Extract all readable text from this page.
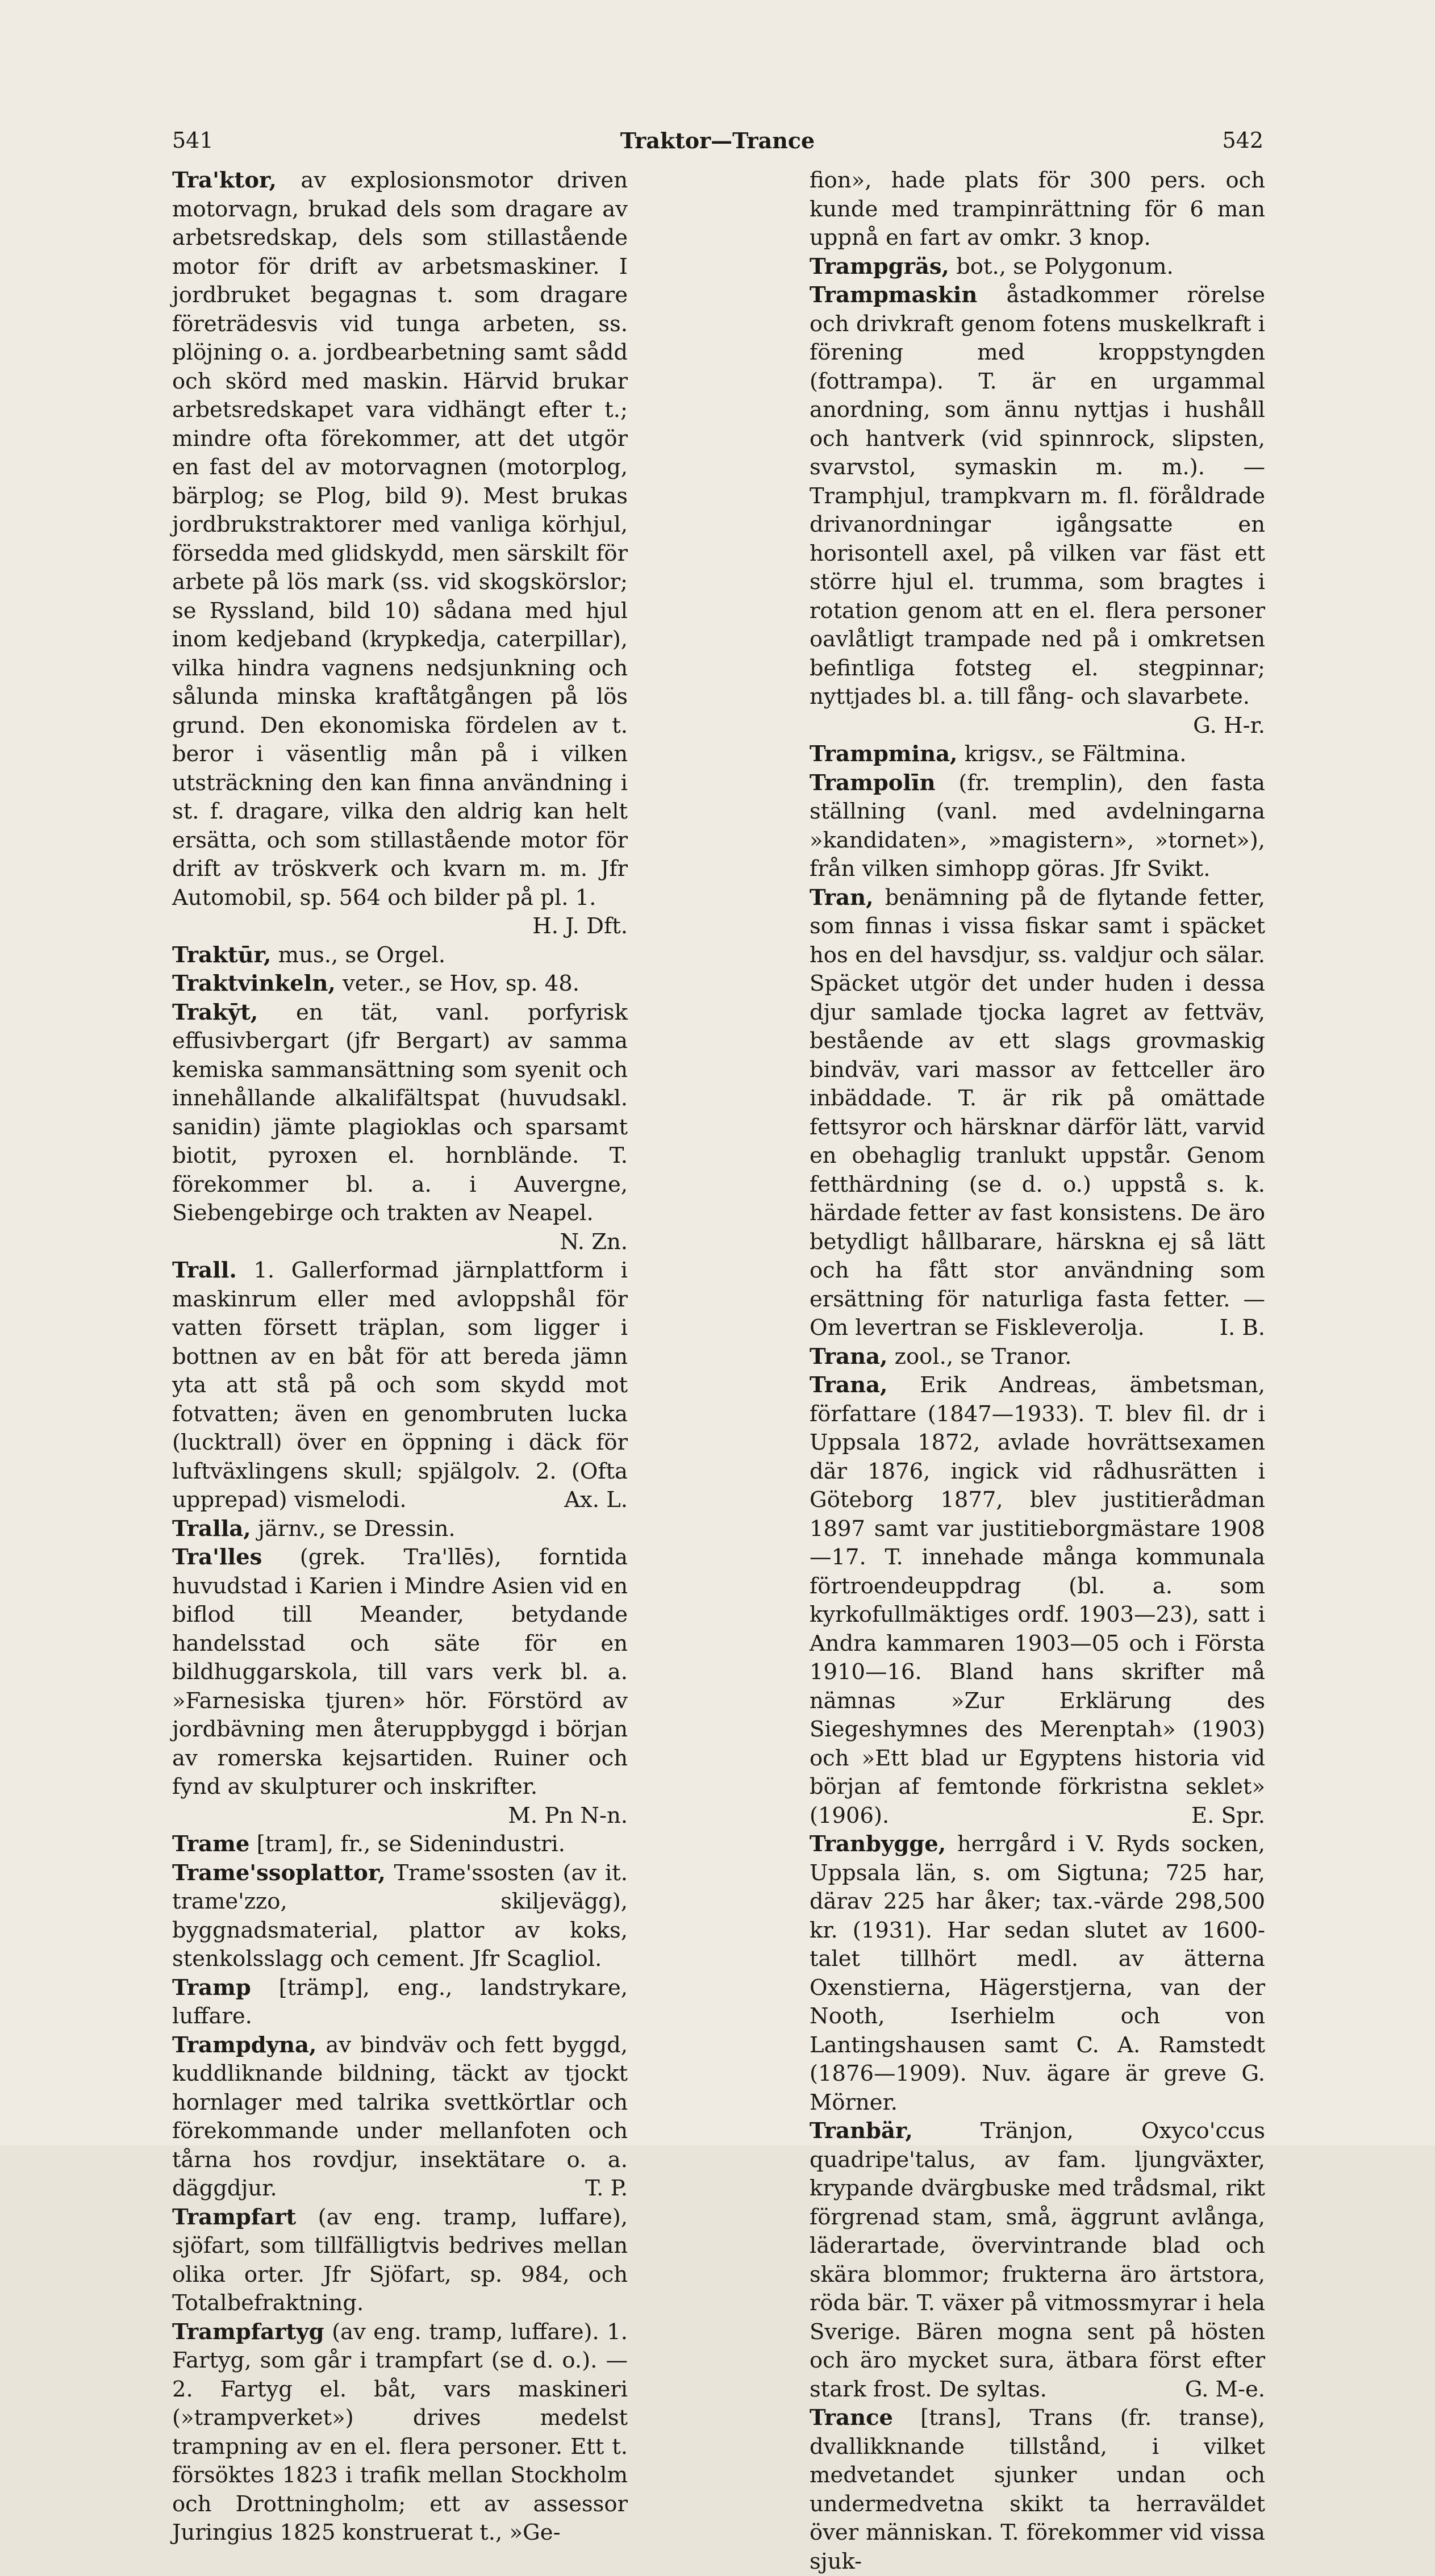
541	Traktor—Trance	542

Tra'ktor, av explosionsmotor driven motorvagn, brukad dels som dragare av arbetsredskap, dels som stillastående motor för drift av arbetsmaskiner. I jordbruket begagnas t. som dragare företrädesvis vid tunga arbeten, ss. plöjning o. a. jordbearbetning samt sådd och skörd med maskin. Härvid brukar arbetsredskapet vara vidhängt efter t.; mindre ofta förekommer, att det utgör en fast del av motorvagnen (motorplog, bärplog; se Plog, bild 9). Mest brukas jordbrukstraktorer med vanliga körhjul, försedda med glidskydd, men särskilt för arbete på lös mark (ss. vid skogskörslor; se Ryssland, bild 10) sådana med hjul inom kedjeband (krypkedja, caterpillar), vilka hindra vagnens nedsjunkning och sålunda minska kraftåtgången på lös grund. Den ekonomiska fördelen av t. beror i väsentlig mån på i vilken utsträckning den kan finna användning i st. f. dragare, vilka den aldrig kan helt ersätta, och som stillastående motor för drift av tröskverk och kvarn m. m. Jfr Automobil, sp. 564 och bilder på pl. 1.
H. J. Dft.

Traktūr, mus., se Orgel.

Traktvinkeln, veter., se Hov, sp. 48.

Trakȳt, en tät, vanl. porfyrisk effusivbergart (jfr Bergart) av samma kemiska sammansättning som syenit och innehållande alkalifältspat (huvudsakl. sanidin) jämte plagioklas och sparsamt biotit, pyroxen el. hornblände. T. förekommer bl. a. i Auvergne, Siebengebirge och trakten av Neapel.
N. Zn.

Trall. 1. Gallerformad järnplattform i maskinrum eller med avloppshål för vatten försett träplan, som ligger i bottnen av en båt för att bereda jämn yta att stå på och som skydd mot fotvatten; även en genombruten lucka (lucktrall) över en öppning i däck för luftväxlingens skull; spjälgolv. 2. (Ofta upprepad) vismelodi.	Ax. L.

Tralla, järnv., se Dressin.

Tra'lles (grek. Tra'llēs), forntida huvudstad i Karien i Mindre Asien vid en biflod till Meander, betydande handelsstad och säte för en bildhuggarskola, till vars verk bl. a. »Farnesiska tjuren» hör. Förstörd av jordbävning men återuppbyggd i början av romerska kejsartiden. Ruiner och fynd av skulpturer och inskrifter.
M. Pn N-n.

Trame [tram], fr., se Sidenindustri.

Trame'ssoplattor, Trame'ssosten (av it. trame'zzo, skiljevägg), byggnadsmaterial, plattor av koks, stenkolsslagg och cement. Jfr Scagliol.

Tramp [trämp], eng., landstrykare, luffare.

Trampdyna, av bindväv och fett byggd, kuddliknande bildning, täckt av tjockt hornlager med talrika svettkörtlar och förekommande under mellanfoten och tårna hos rovdjur, insektätare o. a. däggdjur.	T. P.

Trampfart (av eng. tramp, luffare), sjöfart, som tillfälligtvis bedrives mellan olika orter. Jfr Sjöfart, sp. 984, och Totalbefraktning.

Trampfartyg (av eng. tramp, luffare). 1. Fartyg, som går i trampfart (se d. o.). — 2. Fartyg el. båt, vars maskineri (»trampverket») drives medelst trampning av en el. flera personer. Ett t. försöktes 1823 i trafik mellan Stockholm och Drottningholm; ett av assessor Juringius 1825 konstruerat t., »Ge-

fion», hade plats för 300 pers. och kunde med trampinrättning för 6 man uppnå en fart av omkr. 3 knop.

Trampgräs, bot., se Polygonum.

Trampmaskin åstadkommer rörelse och drivkraft genom fotens muskelkraft i förening med kroppstyngden (fottrampa). T. är en urgammal anordning, som ännu nyttjas i hushåll och hantverk (vid spinnrock, slipsten, svarvstol, symaskin m. m.). — Tramphjul, trampkvarn m. fl. föråldrade drivanordningar igångsatte en horisontell axel, på vilken var fäst ett större hjul el. trumma, som bragtes i rotation genom att en el. flera personer oavlåtligt trampade ned på i omkretsen befintliga fotsteg el. stegpinnar; nyttjades bl. a. till fång- och slavarbete.
G. H-r.

Trampmina, krigsv., se Fältmina.

Trampolīn (fr. tremplin), den fasta ställning (vanl. med avdelningarna »kandidaten», »magistern», »tornet»), från vilken simhopp göras. Jfr Svikt.

Tran, benämning på de flytande fetter, som finnas i vissa fiskar samt i späcket hos en del havsdjur, ss. valdjur och sälar. Späcket utgör det under huden i dessa djur samlade tjocka lagret av fettväv, bestående av ett slags grovmaskig bindväv, vari massor av fettceller äro inbäddade. T. är rik på omättade fettsyror och härsknar därför lätt, varvid en obehaglig tranlukt uppstår. Genom fetthärdning (se d. o.) uppstå s. k. härdade fetter av fast konsistens. De äro betydligt hållbarare, härskna ej så lätt och ha fått stor användning som ersättning för naturliga fasta fetter. — Om levertran se Fiskleverolja.	I. B.

Trana, zool., se Tranor.

Trana, Erik Andreas, ämbetsman, författare (1847—1933). T. blev fil. dr i Uppsala 1872, avlade hovrättsexamen där 1876, ingick vid rådhusrätten i Göteborg 1877, blev justitierådman 1897 samt var justitieborgmästare 1908—17. T. innehade många kommunala förtroendeuppdrag (bl. a. som kyrkofullmäktiges ordf. 1903—23), satt i Andra kammaren 1903—05 och i Första 1910—16. Bland hans skrifter må nämnas »Zur Erklärung des Siegeshymnes des Merenptah» (1903) och »Ett blad ur Egyptens historia vid början af femtonde förkristna seklet» (1906).	E. Spr.

Tranbygge, herrgård i V. Ryds socken, Uppsala län, s. om Sigtuna; 725 har, därav 225 har åker; tax.-värde 298,500 kr. (1931). Har sedan slutet av 1600-talet tillhört medl. av ätterna Oxenstierna, Hägerstjerna, van der Nooth, Iserhielm och von Lantingshausen samt C. A. Ramstedt (1876—1909). Nuv. ägare är greve G. Mörner.

Tranbär,	Tränjon, Oxyco'ccus quadripe'talus, av fam. ljungväxter, krypande dvärgbuske med trådsmal, rikt förgrenad stam, små, äggrunt avlånga, läderartade, övervintrande blad och skära blommor; frukterna äro ärtstora, röda bär. T. växer på vitmossmyrar i hela Sverige. Bären mogna sent på hösten och äro mycket sura, ätbara först efter stark frost. De syltas.	G. M-e.

Trance [trans], Trans (fr. transe), dvallikknande tillstånd, i vilket medvetandet sjunker undan och undermedvetna skikt ta herraväldet över människan. T. förekommer vid vissa sjuk-
